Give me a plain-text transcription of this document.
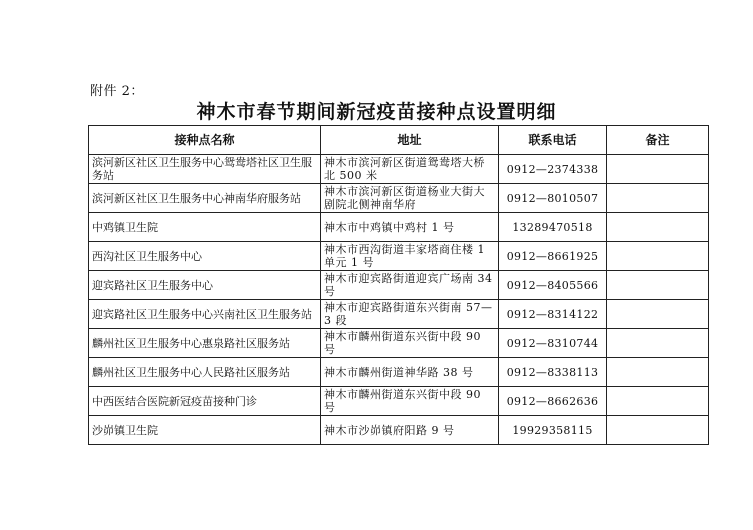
附件 2：
神木市春节期间新冠疫苗接种点设置明细
接种点名称	地址	联系电话	备注
滨河新区社区卫生服务中心鸳鸯塔社区卫生服务站	神木市滨河新区街道鸳鸯塔大桥北 500 米	0912—2374338	
滨河新区社区卫生服务中心神南华府服务站	神木市滨河新区街道杨业大街大剧院北侧神南华府	0912—8010507	
中鸡镇卫生院	神木市中鸡镇中鸡村 1 号	13289470518	
西沟社区卫生服务中心	神木市西沟街道丰家塔商住楼 1 单元 1 号	0912—8661925	
迎宾路社区卫生服务中心	神木市迎宾路街道迎宾广场南 34 号	0912—8405566	
迎宾路社区卫生服务中心兴南社区卫生服务站	神木市迎宾路街道东兴街南 57—3 段	0912—8314122	
麟州社区卫生服务中心惠泉路社区服务站	神木市麟州街道东兴街中段 90 号	0912—8310744	
麟州社区卫生服务中心人民路社区服务站	神木市麟州街道神华路 38 号	0912—8338113	
中西医结合医院新冠疫苗接种门诊	神木市麟州街道东兴街中段 90 号	0912—8662636	
沙峁镇卫生院	神木市沙峁镇府阳路 9 号	19929358115	
